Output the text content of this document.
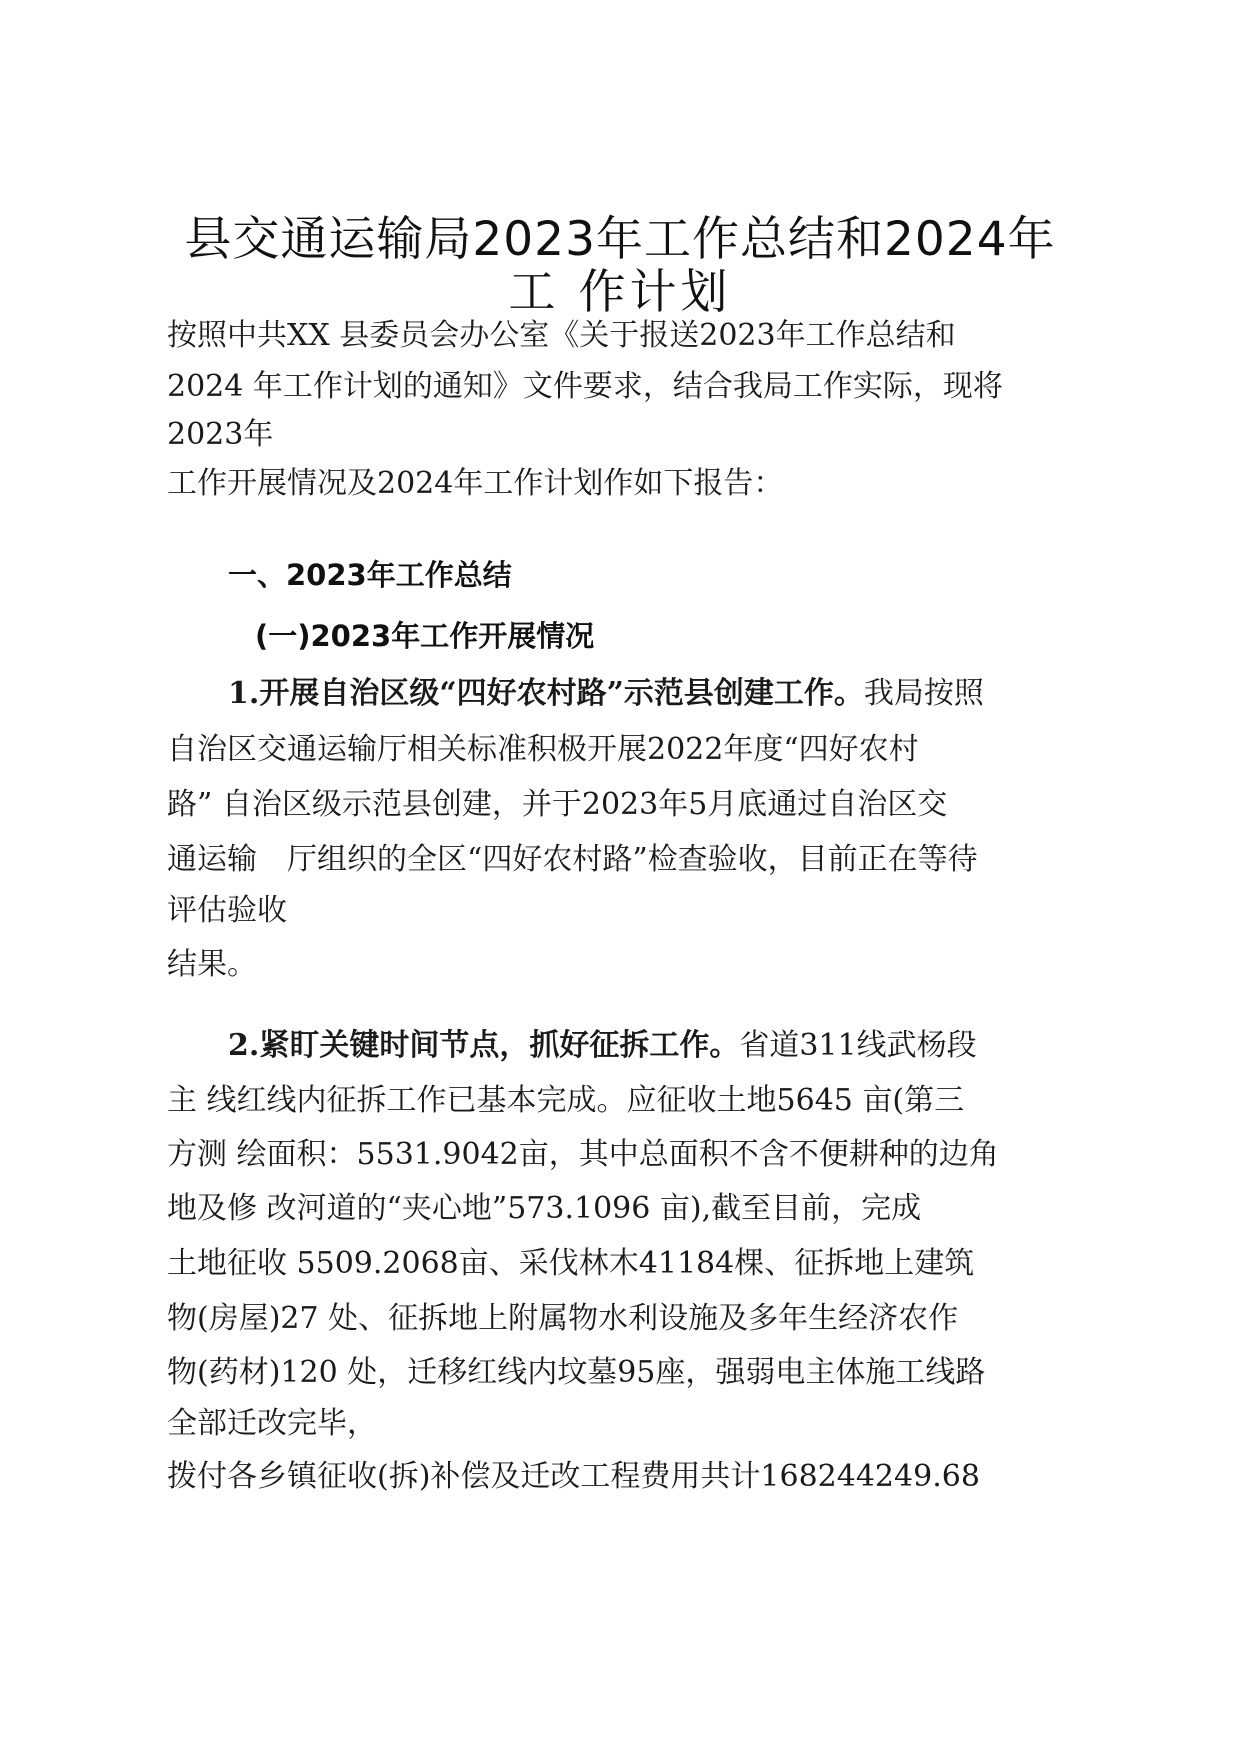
县交通运输局2023年工作总结和2024年
工 作计划
按照中共XX 县委员会办公室《关于报送2023年工作总结和
2024 年工作计划的通知》文件要求，结合我局工作实际，现将
2023年
工作开展情况及2024年工作计划作如下报告：
一、2023年工作总结
(一)2023年工作开展情况
1.开展自治区级“四好农村路”示范县创建工作。我局按照
自治区交通运输厅相关标准积极开展2022年度“四好农村
路” 自治区级示范县创建，并于2023年5月底通过自治区交
通运输　厅组织的全区“四好农村路”检查验收，目前正在等待
评估验收
结果。
2.紧盯关键时间节点，抓好征拆工作。省道311线武杨段
主 线红线内征拆工作已基本完成。应征收土地5645 亩(第三
方测 绘面积：5531.9042亩，其中总面积不含不便耕种的边角
地及修 改河道的“夹心地”573.1096 亩),截至目前，完成
土地征收 5509.2068亩、采伐林木41184棵、征拆地上建筑
物(房屋)27 处、征拆地上附属物水利设施及多年生经济农作
物(药材)120 处，迁移红线内坟墓95座，强弱电主体施工线路
全部迁改完毕，
拨付各乡镇征收(拆)补偿及迁改工程费用共计168244249.68
